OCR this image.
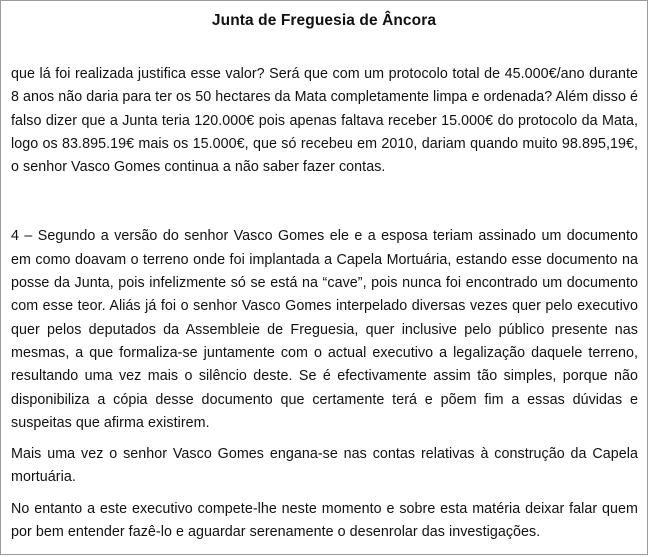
Junta de Freguesia de Âncora

que lá foi realizada justifica esse valor? Será que com um protocolo total de 45.000€/ano durante 8 anos não daria para ter os 50 hectares da Mata completamente limpa e ordenada? Além disso é falso dizer que a Junta teria 120.000€ pois apenas faltava receber 15.000€ do protocolo da Mata, logo os 83.895.19€ mais os 15.000€, que só recebeu em 2010, dariam quando muito 98.895,19€, o senhor Vasco Gomes continua a não saber fazer contas.

4 – Segundo a versão do senhor Vasco Gomes ele e a esposa teriam assinado um documento em como doavam o terreno onde foi implantada a Capela Mortuária, estando esse documento na posse da Junta, pois infelizmente só se está na “cave”, pois nunca foi encontrado um documento com esse teor. Aliás já foi o senhor Vasco Gomes interpelado diversas vezes quer pelo executivo quer pelos deputados da Assembleie de Freguesia, quer inclusive pelo público presente nas mesmas, a que formaliza-se juntamente com o actual executivo a legalização daquele terreno, resultando uma vez mais o silêncio deste. Se é efectivamente assim tão simples, porque não disponibiliza a cópia desse documento que certamente terá e põem fim a essas dúvidas e suspeitas que afirma existirem.

Mais uma vez o senhor Vasco Gomes engana-se nas contas relativas à construção da Capela mortuária.

No entanto a este executivo compete-lhe neste momento e sobre esta matéria deixar falar quem por bem entender fazê-lo e aguardar serenamente o desenrolar das investigações.
